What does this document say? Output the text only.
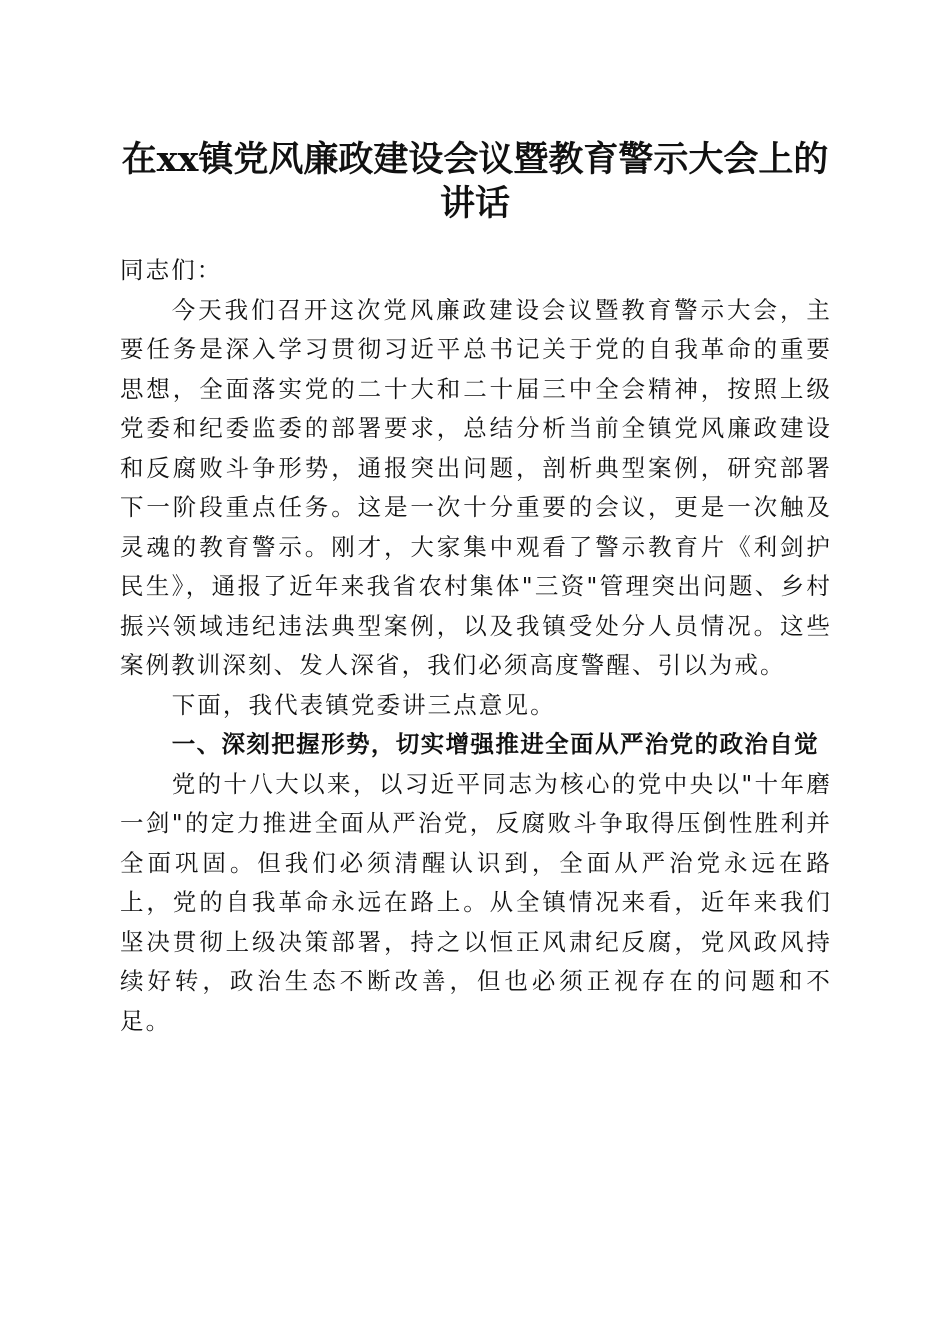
在xx镇党风廉政建设会议暨教育警示大会上的讲话

同志们：

今天我们召开这次党风廉政建设会议暨教育警示大会，主要任务是深入学习贯彻习近平总书记关于党的自我革命的重要思想，全面落实党的二十大和二十届三中全会精神，按照上级党委和纪委监委的部署要求，总结分析当前全镇党风廉政建设和反腐败斗争形势，通报突出问题，剖析典型案例，研究部署下一阶段重点任务。这是一次十分重要的会议，更是一次触及灵魂的教育警示。刚才，大家集中观看了警示教育片《利剑护民生》，通报了近年来我省农村集体"三资"管理突出问题、乡村振兴领域违纪违法典型案例，以及我镇受处分人员情况。这些案例教训深刻、发人深省，我们必须高度警醒、引以为戒。

下面，我代表镇党委讲三点意见。

一、深刻把握形势，切实增强推进全面从严治党的政治自觉

党的十八大以来，以习近平同志为核心的党中央以"十年磨一剑"的定力推进全面从严治党，反腐败斗争取得压倒性胜利并全面巩固。但我们必须清醒认识到，全面从严治党永远在路上，党的自我革命永远在路上。从全镇情况来看，近年来我们坚决贯彻上级决策部署，持之以恒正风肃纪反腐，党风政风持续好转，政治生态不断改善，但也必须正视存在的问题和不足。
